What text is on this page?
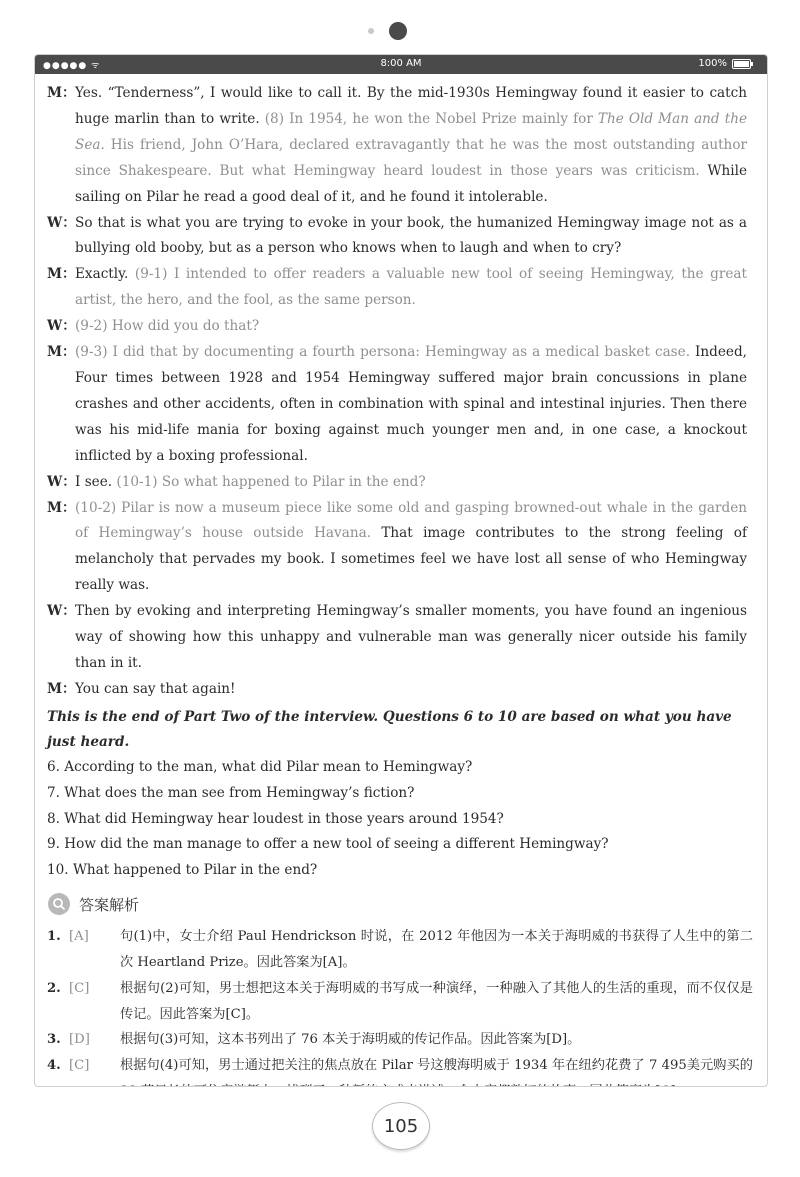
●●●●● ᯤ	8:00 AM	100%
M： Yes. “Tenderness”, I would like to call it. By the mid-1930s Hemingway found it easier to catch huge marlin than to write. (8) In 1954, he won the Nobel Prize mainly for The Old Man and the Sea. His friend, John O’Hara, declared extravagantly that he was the most outstanding author since Shakespeare. But what Hemingway heard loudest in those years was criticism. While sailing on Pilar he read a good deal of it, and he found it intolerable.
W： So that is what you are trying to evoke in your book, the humanized Hemingway image not as a bullying old booby, but as a person who knows when to laugh and when to cry?
M： Exactly. (9-1) I intended to offer readers a valuable new tool of seeing Hemingway, the great artist, the hero, and the fool, as the same person.
W： (9-2) How did you do that?
M： (9-3) I did that by documenting a fourth persona: Hemingway as a medical basket case. Indeed, Four times between 1928 and 1954 Hemingway suffered major brain concussions in plane crashes and other accidents, often in combination with spinal and intestinal injuries. Then there was his mid-life mania for boxing against much younger men and, in one case, a knockout inflicted by a boxing professional.
W： I see. (10-1) So what happened to Pilar in the end?
M： (10-2) Pilar is now a museum piece like some old and gasping browned-out whale in the garden of Hemingway’s house outside Havana. That image contributes to the strong feeling of melancholy that pervades my book. I sometimes feel we have lost all sense of who Hemingway really was.
W： Then by evoking and interpreting Hemingway’s smaller moments, you have found an ingenious way of showing how this unhappy and vulnerable man was generally nicer outside his family than in it.
M： You can say that again!
This is the end of Part Two of the interview. Questions 6 to 10 are based on what you have just heard.
6. According to the man, what did Pilar mean to Hemingway?
7. What does the man see from Hemingway’s fiction?
8. What did Hemingway hear loudest in those years around 1954?
9. How did the man manage to offer a new tool of seeing a different Hemingway?
10. What happened to Pilar in the end?
答案解析
1. [A] 句(1)中，女士介绍 Paul Hendrickson 时说，在 2012 年他因为一本关于海明威的书获得了人生中的第二次 Heartland Prize。因此答案为[A]。
2. [C] 根据句(2)可知，男士想把这本关于海明威的书写成一种演绎，一种融入了其他人的生活的重现，而不仅仅是传记。因此答案为[C]。
3. [D] 根据句(3)可知，这本书列出了 76 本关于海明威的传记作品。因此答案为[D]。
4. [C] 根据句(4)可知，男士通过把关注的焦点放在 Pilar 号这艘海明威于 1934 年在纽约花费了 7 495美元购买的
105
